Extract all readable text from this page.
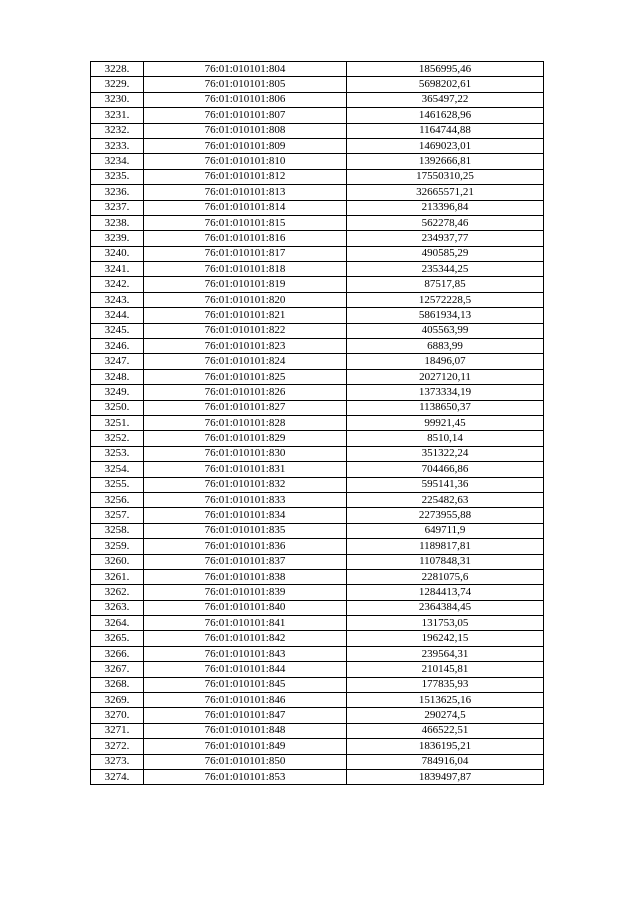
3228.	76:01:010101:804	1856995,46
3229.	76:01:010101:805	5698202,61
3230.	76:01:010101:806	365497,22
3231.	76:01:010101:807	1461628,96
3232.	76:01:010101:808	1164744,88
3233.	76:01:010101:809	1469023,01
3234.	76:01:010101:810	1392666,81
3235.	76:01:010101:812	17550310,25
3236.	76:01:010101:813	32665571,21
3237.	76:01:010101:814	213396,84
3238.	76:01:010101:815	562278,46
3239.	76:01:010101:816	234937,77
3240.	76:01:010101:817	490585,29
3241.	76:01:010101:818	235344,25
3242.	76:01:010101:819	87517,85
3243.	76:01:010101:820	12572228,5
3244.	76:01:010101:821	5861934,13
3245.	76:01:010101:822	405563,99
3246.	76:01:010101:823	6883,99
3247.	76:01:010101:824	18496,07
3248.	76:01:010101:825	2027120,11
3249.	76:01:010101:826	1373334,19
3250.	76:01:010101:827	1138650,37
3251.	76:01:010101:828	99921,45
3252.	76:01:010101:829	8510,14
3253.	76:01:010101:830	351322,24
3254.	76:01:010101:831	704466,86
3255.	76:01:010101:832	595141,36
3256.	76:01:010101:833	225482,63
3257.	76:01:010101:834	2273955,88
3258.	76:01:010101:835	649711,9
3259.	76:01:010101:836	1189817,81
3260.	76:01:010101:837	1107848,31
3261.	76:01:010101:838	2281075,6
3262.	76:01:010101:839	1284413,74
3263.	76:01:010101:840	2364384,45
3264.	76:01:010101:841	131753,05
3265.	76:01:010101:842	196242,15
3266.	76:01:010101:843	239564,31
3267.	76:01:010101:844	210145,81
3268.	76:01:010101:845	177835,93
3269.	76:01:010101:846	1513625,16
3270.	76:01:010101:847	290274,5
3271.	76:01:010101:848	466522,51
3272.	76:01:010101:849	1836195,21
3273.	76:01:010101:850	784916,04
3274.	76:01:010101:853	1839497,87
